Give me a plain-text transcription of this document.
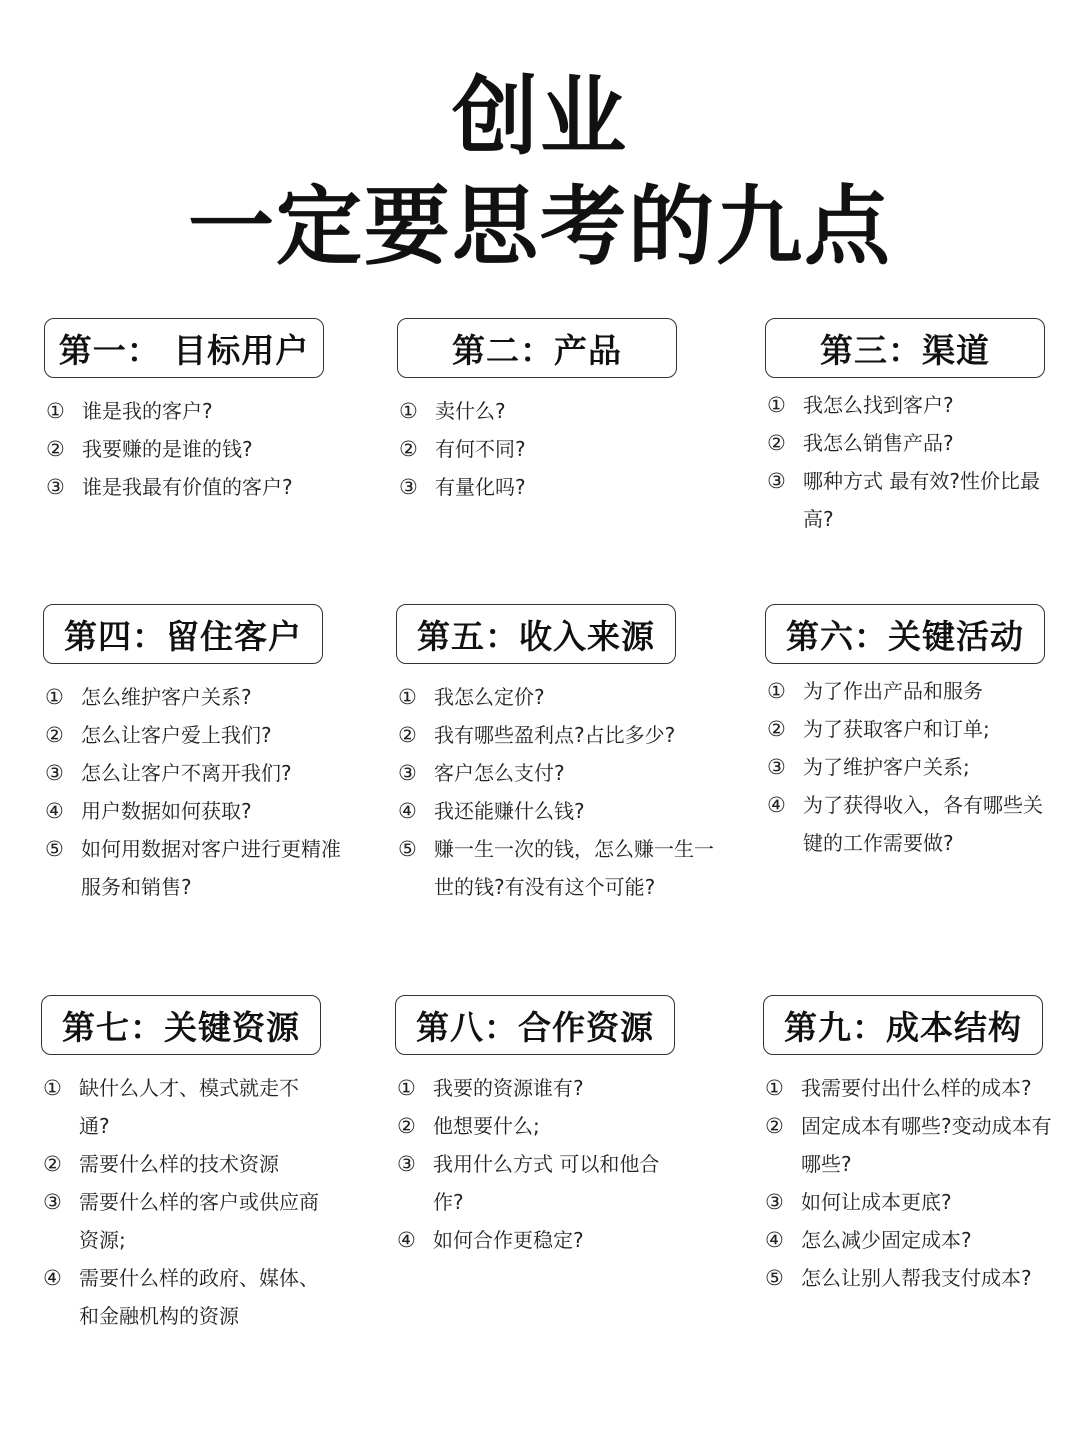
创业
一定要思考的九点
第一： 目标用户
① 谁是我的客户?
② 我要赚的是谁的钱?
③ 谁是我最有价值的客户?
第二：产品
① 卖什么?
② 有何不同?
③ 有量化吗?
第三：渠道
① 我怎么找到客户?
② 我怎么销售产品?
③ 哪种方式 最有效?性价比最高?
第四：留住客户
① 怎么维护客户关系?
② 怎么让客户爱上我们?
③ 怎么让客户不离开我们?
④ 用户数据如何获取?
⑤ 如何用数据对客户进行更精准服务和销售?
第五：收入来源
① 我怎么定价?
② 我有哪些盈利点?占比多少?
③ 客户怎么支付?
④ 我还能赚什么钱?
⑤ 赚一生一次的钱，怎么赚一生一世的钱?有没有这个可能?
第六：关键活动
① 为了作出产品和服务
② 为了获取客户和订单;
③ 为了维护客户关系;
④ 为了获得收入，各有哪些关键的工作需要做?
第七：关键资源
① 缺什么人才、模式就走不通?
② 需要什么样的技术资源
③ 需要什么样的客户或供应商资源;
④ 需要什么样的政府、媒体、和金融机构的资源
第八：合作资源
① 我要的资源谁有?
② 他想要什么;
③ 我用什么方式 可以和他合作?
④ 如何合作更稳定?
第九：成本结构
① 我需要付出什么样的成本?
② 固定成本有哪些?变动成本有哪些?
③ 如何让成本更底?
④ 怎么减少固定成本?
⑤ 怎么让别人帮我支付成本?
